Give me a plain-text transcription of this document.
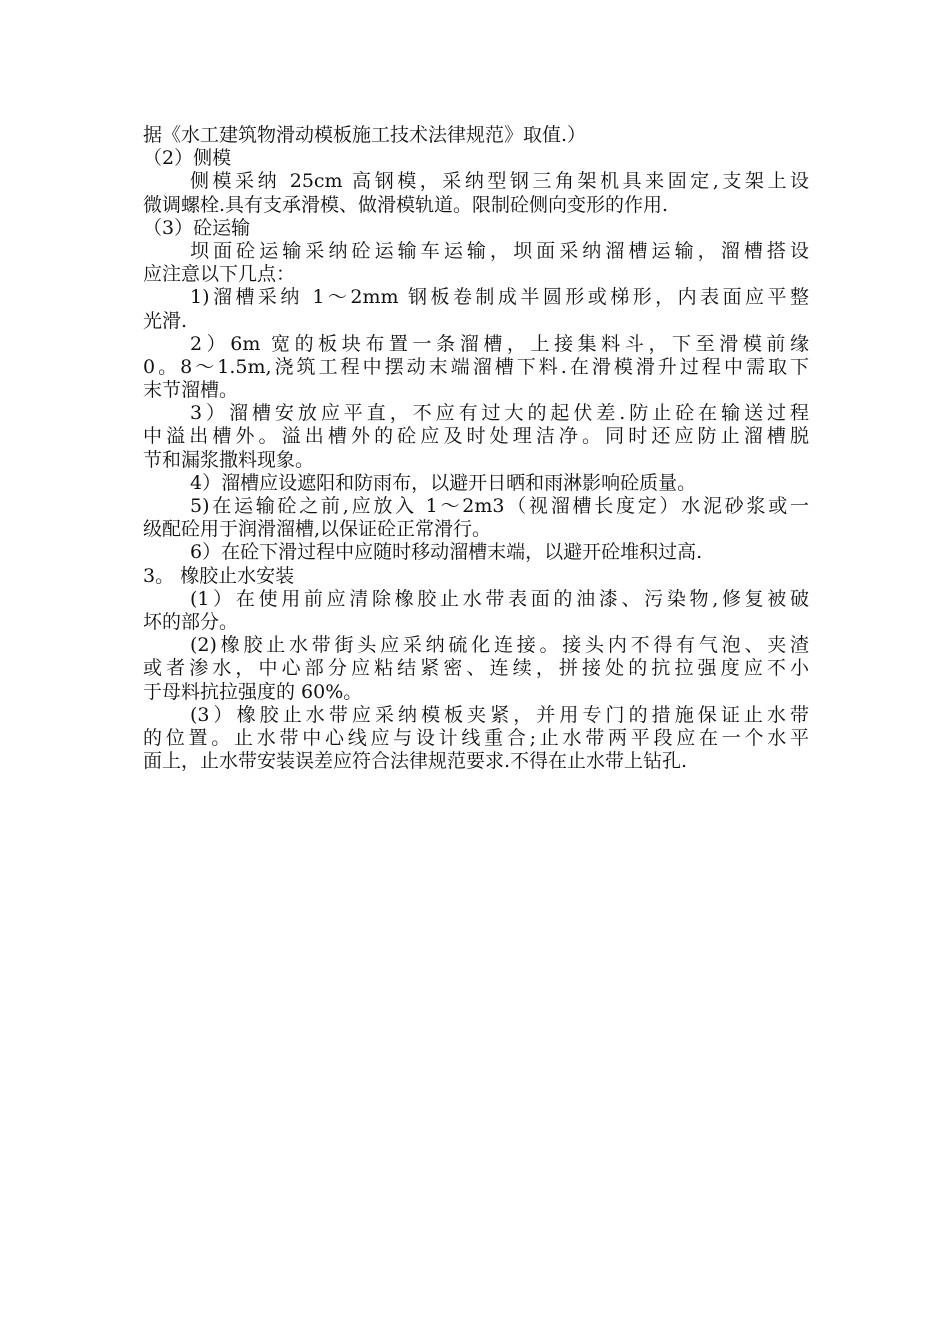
据《水工建筑物滑动模板施工技术法律规范》取值.）
（2）侧模
侧模采纳 25cm 高钢模，采纳型钢三角架机具来固定,支架上设
微调螺栓.具有支承滑模、做滑模轨道。限制砼侧向变形的作用.
（3）砼运输
坝面砼运输采纳砼运输车运输，坝面采纳溜槽运输，溜槽搭设
应注意以下几点：
1)溜槽采纳 1～2mm 钢板卷制成半圆形或梯形，内表面应平整
光滑.
2）6m 宽的板块布置一条溜槽，上接集料斗，下至滑模前缘
0。8～1.5m,浇筑工程中摆动末端溜槽下料.在滑模滑升过程中需取下
末节溜槽。
3）溜槽安放应平直，不应有过大的起伏差.防止砼在输送过程
中溢出槽外。溢出槽外的砼应及时处理洁净。同时还应防止溜槽脱
节和漏浆撒料现象。
4）溜槽应设遮阳和防雨布，以避开日晒和雨淋影响砼质量。
5)在运输砼之前,应放入 1～2m3（视溜槽长度定）水泥砂浆或一
级配砼用于润滑溜槽,以保证砼正常滑行。
6）在砼下滑过程中应随时移动溜槽末端，以避开砼堆积过高.
3。 橡胶止水安装
(1）在使用前应清除橡胶止水带表面的油漆、污染物,修复被破
坏的部分。
(2)橡胶止水带街头应采纳硫化连接。接头内不得有气泡、夹渣
或者渗水，中心部分应粘结紧密、连续，拼接处的抗拉强度应不小
于母料抗拉强度的 60%。
(3）橡胶止水带应采纳模板夹紧，并用专门的措施保证止水带
的位置。止水带中心线应与设计线重合;止水带两平段应在一个水平
面上，止水带安装误差应符合法律规范要求.不得在止水带上钻孔.
